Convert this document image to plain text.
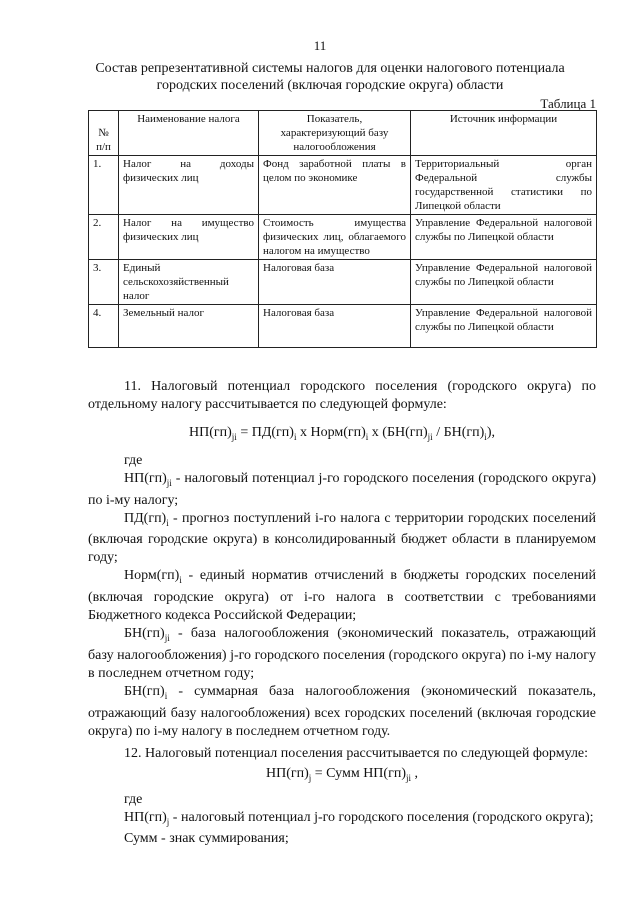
11
Состав репрезентативной системы налогов для оценки налогового потенциала городских поселений (включая городские округа) области
Таблица 1
№ п/п	Наименование налога	Показатель, характеризующий базу налогообложения	Источник информации
1.	Налог на доходы физических лиц	Фонд заработной платы в целом по экономике	Территориальный орган Федеральной службы государственной статистики по Липецкой области
2.	Налог на имущество физических лиц	Стоимость имущества физических лиц, облагаемого налогом на имущество	Управление Федеральной налоговой службы по Липецкой области
3.	Единый сельскохозяйственный налог	Налоговая база	Управление Федеральной налоговой службы по Липецкой области
4.	Земельный налог	Налоговая база	Управление Федеральной налоговой службы по Липецкой области

11. Налоговый потенциал городского поселения (городского округа) по отдельному налогу рассчитывается по следующей формуле:

$НП(гп)_{ji} = ПД(гп)_i$ х $Норм(гп)_i$ х $(БН(гп)_{ji} / БН(гп)_i)$,

где

$НП(гп)_{ji}$ - налоговый потенциал j-го городского поселения (городского округа) по i-му налогу;

$ПД(гп)_i$ - прогноз поступлений i-го налога с территории городских поселений (включая городские округа) в консолидированный бюджет области в планируемом году;

$Норм(гп)_i$ - единый норматив отчислений в бюджеты городских поселений (включая городские округа) от i-го налога в соответствии с требованиями Бюджетного кодекса Российской Федерации;

$БН(гп)_{ji}$ - база налогообложения (экономический показатель, отражающий базу налогообложения) j-го городского поселения (городского округа) по i-му налогу в последнем отчетном году;

$БН(гп)_i$ - суммарная база налогообложения (экономический показатель, отражающий базу налогообложения) всех городских поселений (включая городские округа) по i-му налогу в последнем отчетном году.

12. Налоговый потенциал поселения рассчитывается по следующей формуле:

$НП(гп)_j$ = Сумм $НП(гп)_{ji}$ ,

где

$НП(гп)_j$ - налоговый потенциал j-го городского поселения (городского округа);

Сумм - знак суммирования;
